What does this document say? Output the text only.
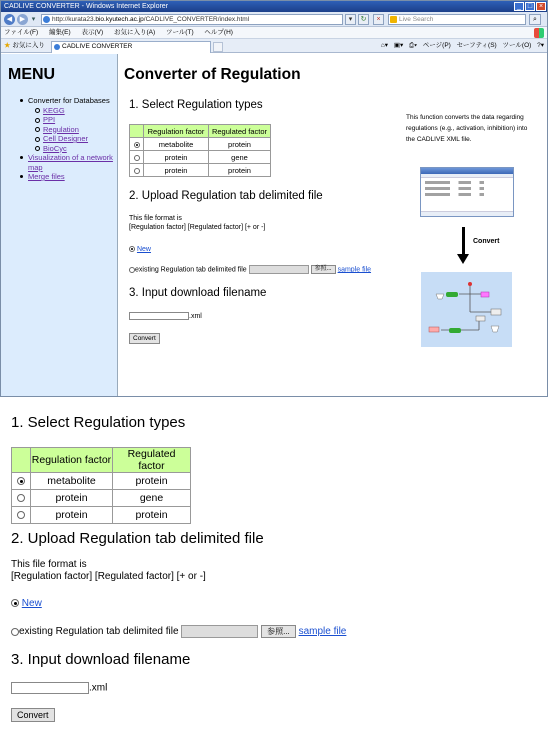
CADLIVE CONVERTER - Windows Internet Explorer	_ □ ×
◀	▶ ▾	http://kurata23.bio.kyutech.ac.jp/CADLIVE_CONVERTER/index.html	▾	↻	×	Live Search	⌕
ファイル(F) 編集(E) 表示(V) お気に入り(A) ツール(T) ヘルプ(H)
★ お気に入り	CADLIVE CONVERTER	⌂▾ ▣▾ ⎙▾ ページ(P) セーフティ(S) ツール(O) ?▾
MENU
Converter for Databases
KEGG
PPI
Regulation
Cell Designer
BioCyc
Visualization of a network map
Merge files
Converter of Regulation
1. Select Regulation types
	Regulation factor	Regulated factor
	metabolite	protein
	protein	gene
	protein	protein
2. Upload Regulation tab delimited file
This file format is
[Regulation factor] [Regulated factor] [+ or -]
New
existing Regulation tab delimited file	参照... sample file
3. Input download filename
.xml
Convert
This function converts the data regarding regulations (e.g., activation, inhibition) into the CADLIVE XML file.
Convert
1. Select Regulation types
	Regulation factor	Regulated factor
	metabolite	protein
	protein	gene
	protein	protein
2. Upload Regulation tab delimited file
This file format is
[Regulation factor] [Regulated factor] [+ or -]
New
existing Regulation tab delimited file	参照... sample file
3. Input download filename
.xml
Convert
